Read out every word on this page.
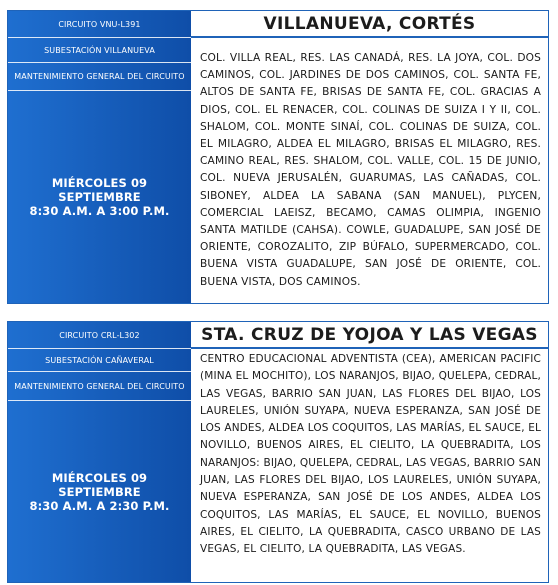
CIRCUITO VNU-L391
SUBESTACIÓN VILLANUEVA
MANTENIMIENTO GENERAL DEL CIRCUITO
MIÉRCOLES 09 SEPTIEMBRE
8:30 A.M. A 3:00 P.M.
VILLANUEVA, CORTÉS
COL. VILLA REAL, RES. LAS CANADÁ, RES. LA JOYA, COL. DOS CAMINOS, COL. JARDINES DE DOS CAMINOS, COL. SANTA FE, ALTOS DE SANTA FE, BRISAS DE SANTA FE, COL. GRACIAS A DIOS, COL. EL RENACER, COL. COLINAS DE SUIZA I Y II, COL. SHALOM, COL. MONTE SINAÍ, COL. COLINAS DE SUIZA, COL. EL MILAGRO, ALDEA EL MILAGRO, BRISAS EL MILAGRO, RES. CAMINO REAL, RES. SHALOM, COL. VALLE, COL. 15 DE JUNIO, COL. NUEVA JERUSALÉN, GUARUMAS, LAS CAÑADAS, COL. SIBONEY, ALDEA LA SABANA (SAN MANUEL), PLYCEN, COMERCIAL LAEISZ, BECAMO, CAMAS OLIMPIA, INGENIO SANTA MATILDE (CAHSA). COWLE, GUADALUPE, SAN JOSÉ DE ORIENTE, COROZALITO, ZIP BÚFALO, SUPERMERCADO, COL. BUENA VISTA GUADALUPE, SAN JOSÉ DE ORIENTE, COL. BUENA VISTA, DOS CAMINOS.
CIRCUITO CRL-L302
SUBESTACIÓN CAÑAVERAL
MANTENIMIENTO GENERAL DEL CIRCUITO
MIÉRCOLES 09 SEPTIEMBRE
8:30 A.M. A 2:30 P.M.
STA. CRUZ DE YOJOA Y LAS VEGAS
CENTRO EDUCACIONAL ADVENTISTA (CEA), AMERICAN PACIFIC (MINA EL MOCHITO), LOS NARANJOS, BIJAO, QUELEPA, CEDRAL, LAS VEGAS, BARRIO SAN JUAN, LAS FLORES DEL BIJAO, LOS LAURELES, UNIÓN SUYAPA, NUEVA ESPERANZA, SAN JOSÉ DE LOS ANDES, ALDEA LOS COQUITOS, LAS MARÍAS, EL SAUCE, EL NOVILLO, BUENOS AIRES, EL CIELITO, LA QUEBRADITA, LOS NARANJOS: BIJAO, QUELEPA, CEDRAL, LAS VEGAS, BARRIO SAN JUAN, LAS FLORES DEL BIJAO, LOS LAURELES, UNIÓN SUYAPA, NUEVA ESPERANZA, SAN JOSÉ DE LOS ANDES, ALDEA LOS COQUITOS, LAS MARÍAS, EL SAUCE, EL NOVILLO, BUENOS AIRES, EL CIELITO, LA QUEBRADITA, CASCO URBANO DE LAS VEGAS, EL CIELITO, LA QUEBRADITA, LAS VEGAS.
